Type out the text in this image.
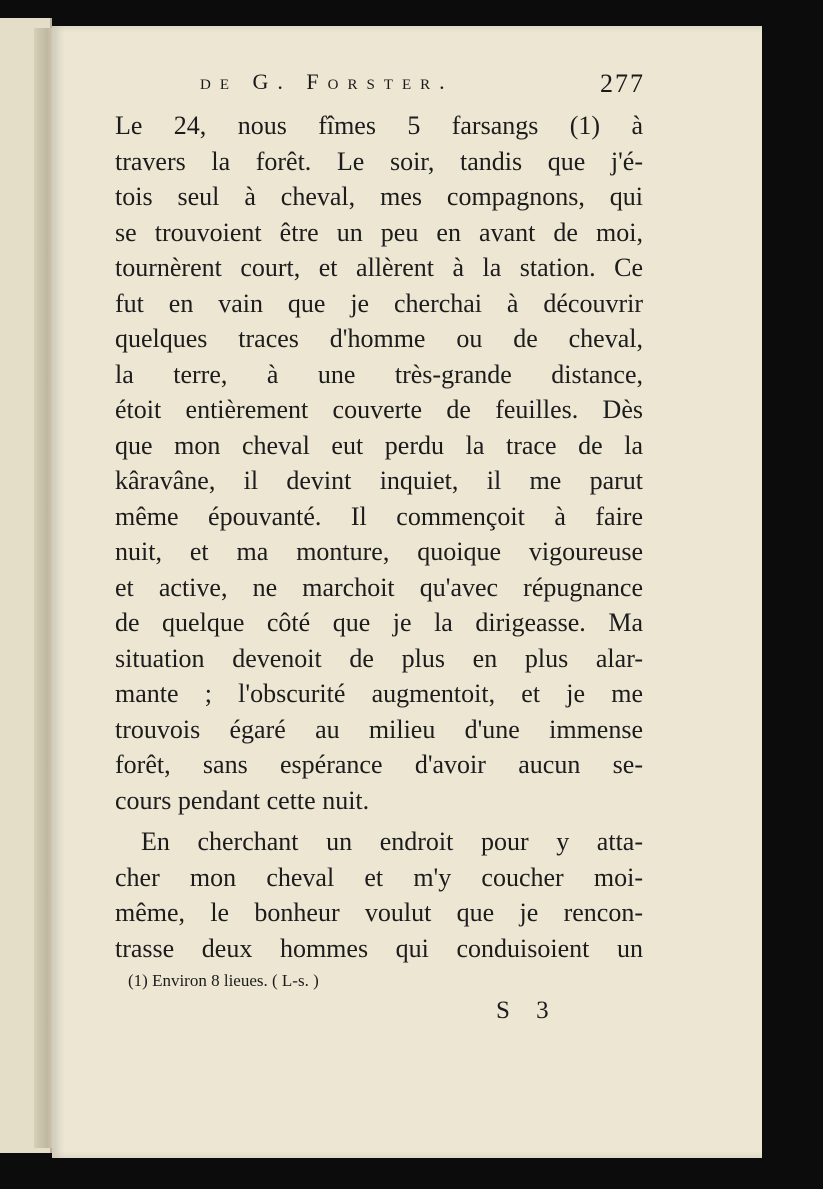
de G. Forster.	277
Le 24, nous fîmes 5 farsangs (1) à
travers la forêt. Le soir, tandis que j'é-
tois seul à cheval, mes compagnons, qui
se trouvoient être un peu en avant de moi,
tournèrent court, et allèrent à la station. Ce
fut en vain que je cherchai à découvrir
quelques traces d'homme ou de cheval,
la terre, à une très-grande distance,
étoit entièrement couverte de feuilles. Dès
que mon cheval eut perdu la trace de la
kâravâne, il devint inquiet, il me parut
même épouvanté. Il commençoit à faire
nuit, et ma monture, quoique vigoureuse
et active, ne marchoit qu'avec répugnance
de quelque côté que je la dirigeasse. Ma
situation devenoit de plus en plus alar-
mante ; l'obscurité augmentoit, et je me
trouvois égaré au milieu d'une immense
forêt, sans espérance d'avoir aucun se-
cours pendant cette nuit.
En cherchant un endroit pour y atta-
cher mon cheval et m'y coucher moi-
même, le bonheur voulut que je rencon-
trasse deux hommes qui conduisoient un
(1) Environ 8 lieues. ( L-s. )
S 3
